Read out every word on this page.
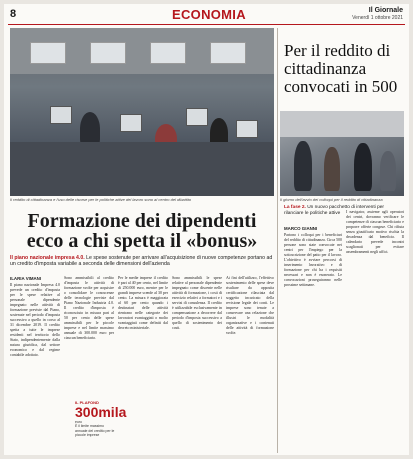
8	ECONOMIA	Il Giornale
Venerdì 1 ottobre 2021
Il reddito di cittadinanza e l'uso delle risorse per le politiche attive del lavoro sono al centro del dibattito
Per il reddito di cittadinanza convocati in 500
Il giorno dell'avvio dei colloqui per il reddito di cittadinanza
Formazione dei dipendenti
ecco a chi spetta il «bonus»
Il piano nazionale impresa 4.0. Le spese sostenute per arrivare all'acquisizione di nuove competenze portano ad un credito d'imposta variabile a seconda delle dimensioni dell'azienda
ILARIA VIMANI
Il piano nazionale Impresa 4.0 prevede un credito d'imposta per le spese relative al personale dipendente impegnato nelle attività di formazione previste dal Piano, sostenute nel periodo d'imposta successivo a quello in corso al 31 dicembre 2019. Il credito spetta a tutte le imprese residenti nel territorio dello Stato, indipendentemente dalla natura giuridica, dal settore economico e dal regime contabile adottato.
Sono ammissibili al credito d'imposta le attività di formazione svolte per acquisire o consolidare le conoscenze delle tecnologie previste dal Piano Nazionale Industria 4.0. Il credito d'imposta è riconosciuto in misura pari al 50 per cento delle spese ammissibili per le piccole imprese e nel limite massimo annuale di 300.000 euro per ciascun beneficiario.
IL PLAFOND
300mila
euro
È il limite massimo annuale del credito per le piccole imprese
Per le medie imprese il credito è pari al 40 per cento, nel limite di 250.000 euro, mentre per le grandi imprese scende al 30 per cento. La misura è maggiorata al 60 per cento quando i destinatari delle attività rientrano nelle categorie dei lavoratori svantaggiati o molto svantaggiati come definiti dal decreto ministeriale.
Sono ammissibili le spese relative al personale dipendente impegnato come discente nelle attività di formazione, i costi di esercizio relativi a formatori e i servizi di consulenza. Il credito è utilizzabile esclusivamente in compensazione a decorrere dal periodo d'imposta successivo a quello di sostenimento dei costi.
Ai fini dell'utilizzo, l'effettivo sostenimento delle spese deve risultare da apposita certificazione rilasciata dal soggetto incaricato della revisione legale dei conti. Le imprese sono tenute a conservare una relazione che illustri le modalità organizzative e i contenuti delle attività di formazione svolte.
La fase 2. Un nuovo pacchetto di interventi per rilanciare le politiche attive
MARCO GIANNI
Partono i colloqui per i beneficiari del reddito di cittadinanza. Circa 500 persone sono state convocate nei centri per l'impiego per la sottoscrizione del patto per il lavoro. L'obiettivo è avviare percorsi di inserimento lavorativo e di formazione per chi ha i requisiti necessari e non è esonerato. Le convocazioni proseguiranno nelle prossime settimane.
I navigator, assieme agli operatori dei centri, dovranno verificare le competenze di ciascun beneficiario e proporre offerte congrue. Chi rifiuta senza giustificato motivo rischia la decadenza dal beneficio. Il calendario prevede incontri scaglionati per evitare assembramenti negli uffici.
